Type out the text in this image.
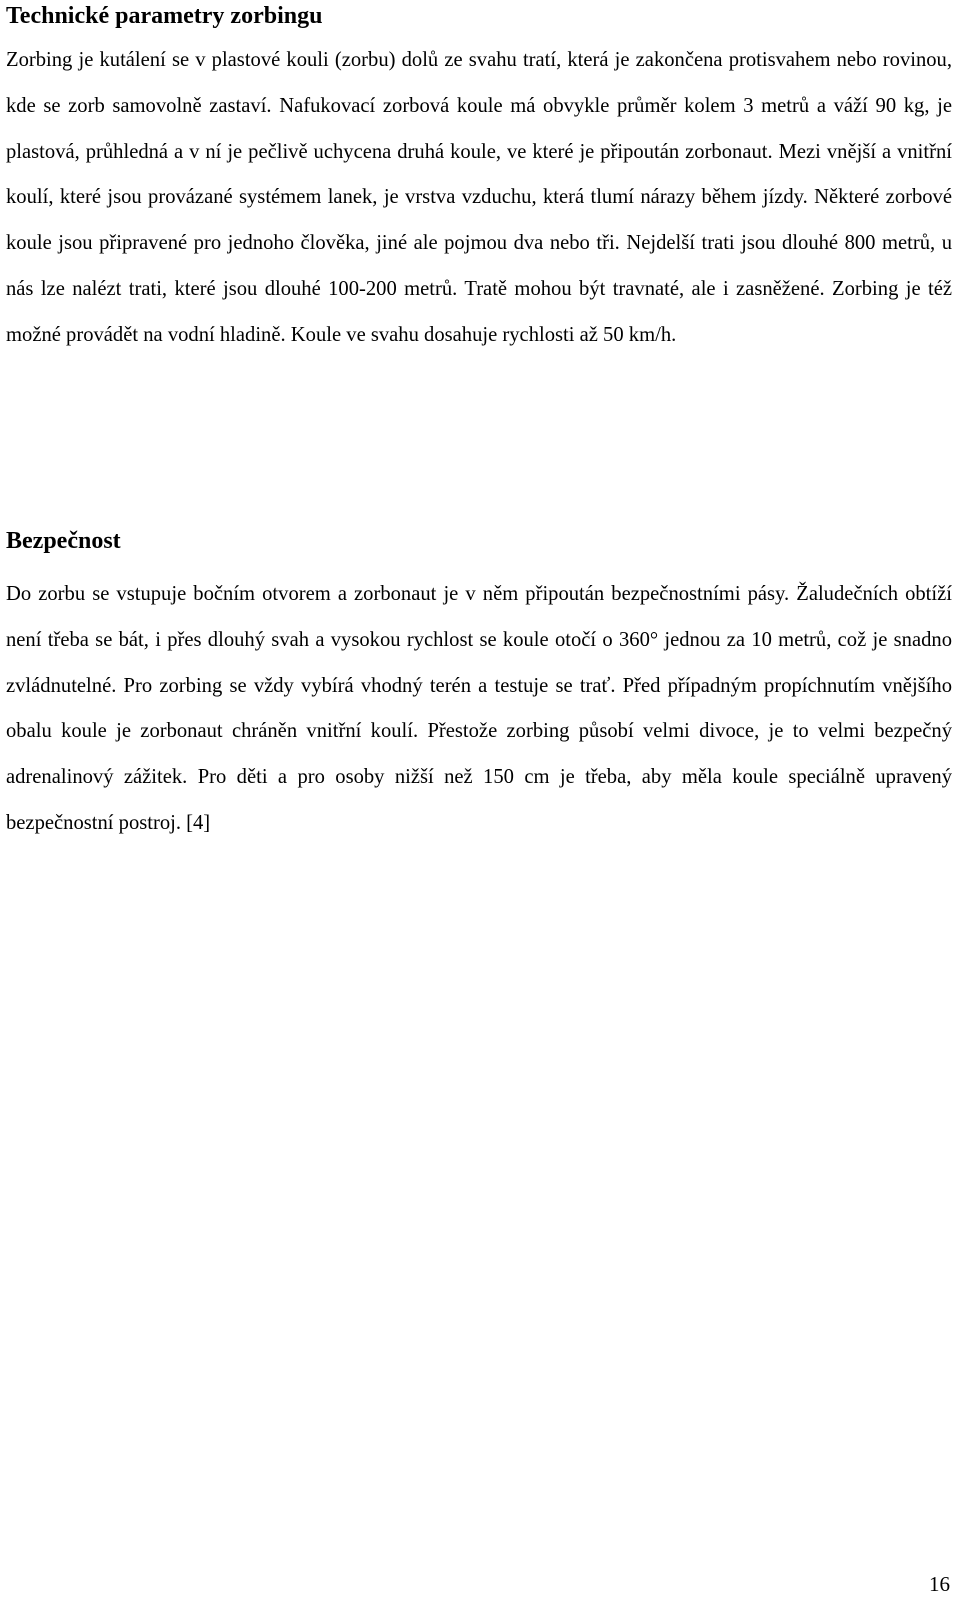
Technické parametry zorbingu

Zorbing je kutálení se v plastové kouli (zorbu) dolů ze svahu tratí, která je zakončena protisvahem nebo rovinou, kde se zorb samovolně zastaví. Nafukovací zorbová koule má obvykle průměr kolem 3 metrů a váží 90 kg, je plastová, průhledná a v ní je pečlivě uchycena druhá koule, ve které je připoután zorbonaut. Mezi vnější a vnitřní koulí, které jsou provázané systémem lanek, je vrstva vzduchu, která tlumí nárazy během jízdy. Některé zorbové koule jsou připravené pro jednoho člověka, jiné ale pojmou dva nebo tři. Nejdelší trati jsou dlouhé 800 metrů, u nás lze nalézt trati, které jsou dlouhé 100-200 metrů. Tratě mohou být travnaté, ale i zasněžené. Zorbing je též možné provádět na vodní hladině. Koule ve svahu dosahuje rychlosti až 50 km/h.

Bezpečnost

Do zorbu se vstupuje bočním otvorem a zorbonaut je v něm připoután bezpečnostními pásy. Žaludečních obtíží není třeba se bát, i přes dlouhý svah a vysokou rychlost se koule otočí o 360° jednou za 10 metrů, což je snadno zvládnutelné. Pro zorbing se vždy vybírá vhodný terén a testuje se trať. Před případným propíchnutím vnějšího obalu koule je zorbonaut chráněn vnitřní koulí. Přestože zorbing působí velmi divoce, je to velmi bezpečný adrenalinový zážitek. Pro děti a pro osoby nižší než 150 cm je třeba, aby měla koule speciálně upravený bezpečnostní postroj. [4]

16
